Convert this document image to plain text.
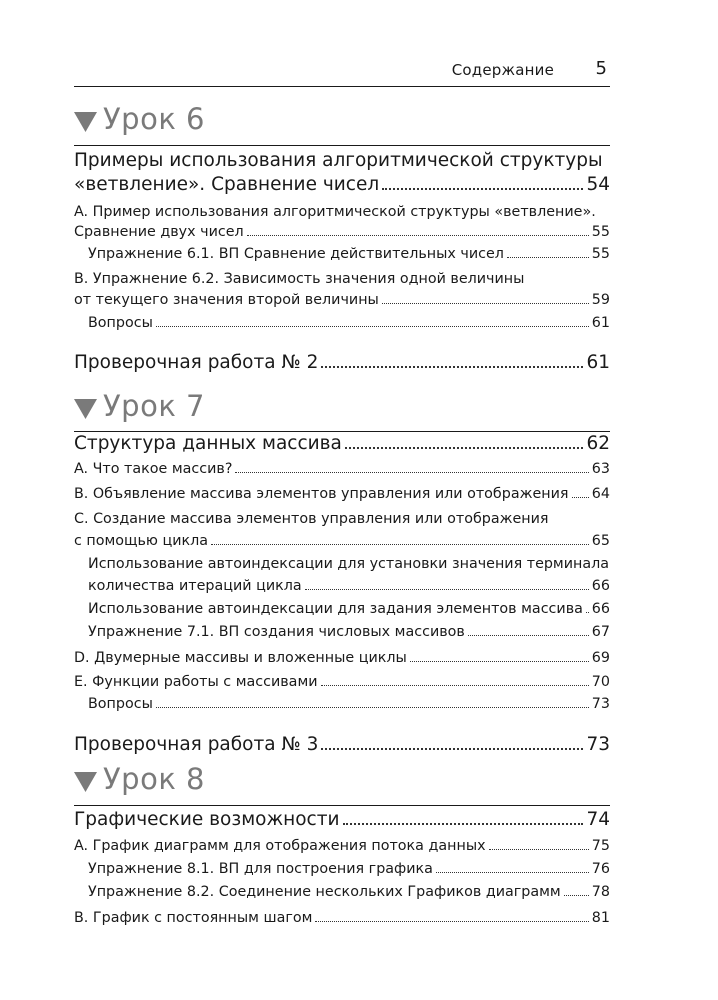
Содержание 5
Урок 6
Примеры использования алгоритмической структуры
«ветвление». Сравнение чисел	54
A. Пример использования алгоритмической структуры «ветвление».
Сравнение двух чисел	55
Упражнение 6.1. ВП Сравнение действительных чисел	55
B. Упражнение 6.2. Зависимость значения одной величины
от текущего значения второй величины	59
Вопросы	61
Проверочная работа № 2	61
Урок 7
Структура данных массива	62
A. Что такое массив?	63
B. Объявление массива элементов управления или отображения 64
C. Создание массива элементов управления или отображения
с помощью цикла	65
Использование автоиндексации для установки значения терминала
количества итераций цикла	66
Использование автоиндексации для задания элементов массива 66
Упражнение 7.1. ВП создания числовых массивов	67
D. Двумерные массивы и вложенные циклы	69
E. Функции работы с массивами	70
Вопросы	73
Проверочная работа № 3	73
Урок 8
Графические возможности	74
A. График диаграмм для отображения потока данных	75
Упражнение 8.1. ВП для построения графика	76
Упражнение 8.2. Соединение нескольких Графиков диаграмм 78
B. График с постоянным шагом	81
